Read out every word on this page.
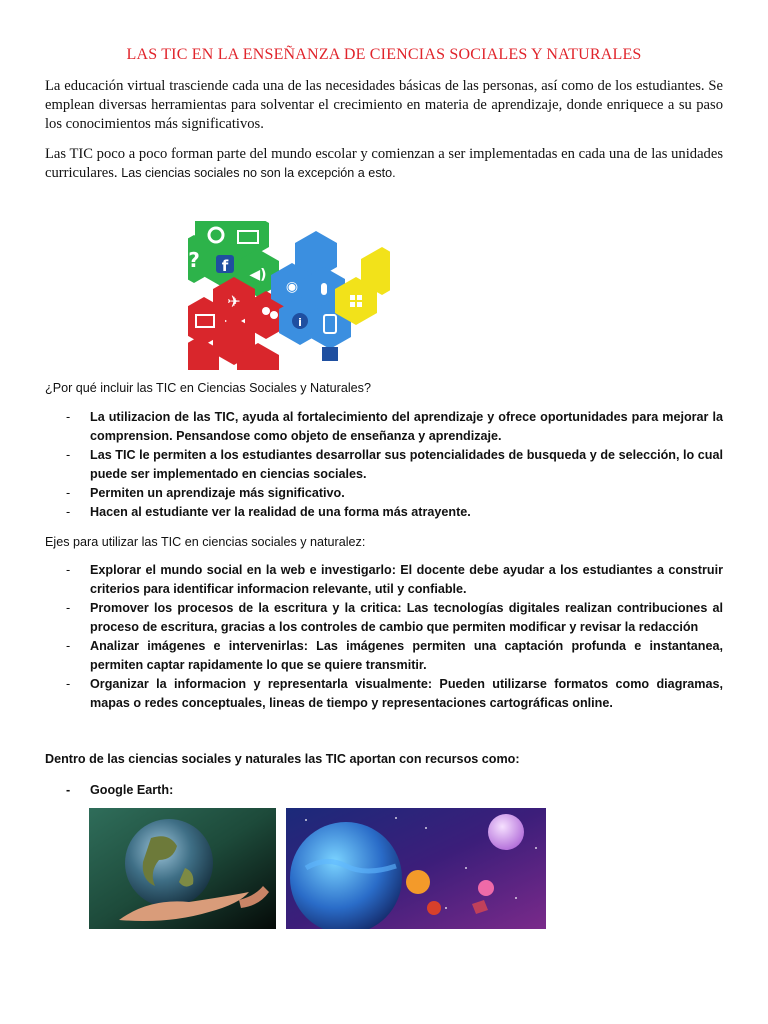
LAS TIC EN LA ENSEÑANZA DE CIENCIAS SOCIALES Y NATURALES
La educación virtual trasciende cada una de las necesidades básicas de las personas, así como de los estudiantes. Se emplean diversas herramientas para solventar el crecimiento en materia de aprendizaje, donde enriquece a su paso los conocimientos más significativos.
Las TIC poco a poco forman parte del mundo escolar y comienzan a ser implementadas en cada una de las unidades curriculares. Las ciencias sociales no son la excepción a esto.
? f ◀)
✈
◉
i
¿Por qué incluir las TIC en Ciencias Sociales y Naturales?
- La utilizacion de las TIC, ayuda al fortalecimiento del aprendizaje y ofrece oportunidades para mejorar la comprension. Pensandose como objeto de enseñanza y aprendizaje.
- Las TIC le permiten a los estudiantes desarrollar sus potencialidades de busqueda y de selección, lo cual puede ser implementado en ciencias sociales.
- Permiten un aprendizaje más significativo.
- Hacen al estudiante ver la realidad de una forma más atrayente.
Ejes para utilizar las TIC en ciencias sociales y naturalez:
- Explorar el mundo social en la web e investigarlo: El docente debe ayudar a los estudiantes a construir criterios para identificar informacion relevante, util y confiable.
- Promover los procesos de la escritura y la critica: Las tecnologías digitales realizan contribuciones al proceso de escritura, gracias a los controles de cambio que permiten modificar y revisar la redacción
- Analizar imágenes e intervenirlas: Las imágenes permiten una captación profunda e instantanea, permiten captar rapidamente lo que se quiere transmitir.
- Organizar la informacion y representarla visualmente: Pueden utilizarse formatos como diagramas, mapas o redes conceptuales, lineas de tiempo y representaciones cartográficas online.
Dentro de las ciencias sociales y naturales las TIC aportan con recursos como:
- Google Earth:
